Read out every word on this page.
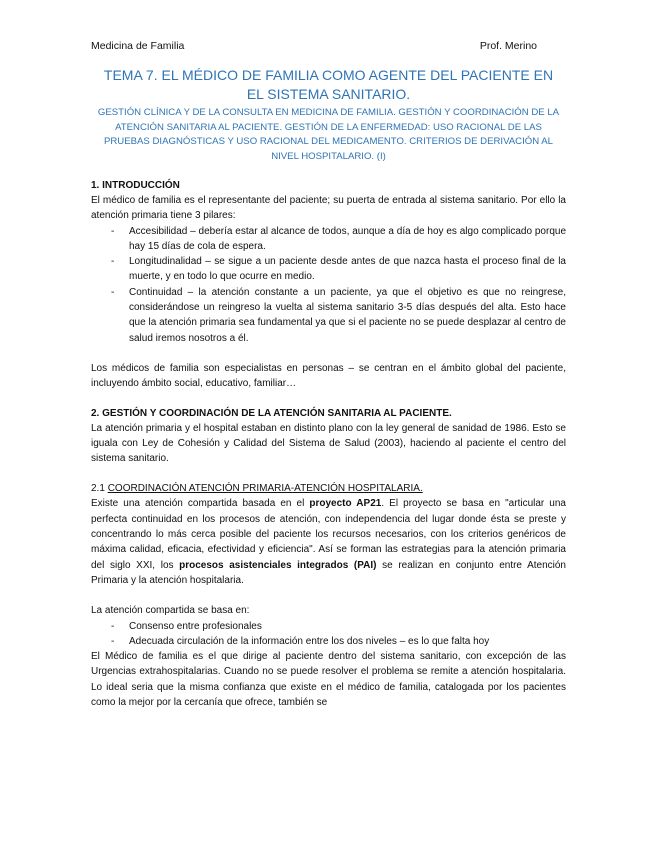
Medicina de Familia	Prof. Merino
TEMA 7. EL MÉDICO DE FAMILIA COMO AGENTE DEL PACIENTE EN
EL SISTEMA SANITARIO.

GESTIÓN CLÍNICA Y DE LA CONSULTA EN MEDICINA DE FAMILIA. GESTIÓN Y COORDINACIÓN DE LA ATENCIÓN SANITARIA AL PACIENTE. GESTIÓN DE LA ENFERMEDAD: USO RACIONAL DE LAS PRUEBAS DIAGNÓSTICAS Y USO RACIONAL DEL MEDICAMENTO. CRITERIOS DE DERIVACIÓN AL NIVEL HOSPITALARIO. (I)

1. INTRODUCCIÓN

El médico de familia es el representante del paciente; su puerta de entrada al sistema sanitario. Por ello la atención primaria tiene 3 pilares:

- Accesibilidad – debería estar al alcance de todos, aunque a día de hoy es algo complicado porque hay 15 días de cola de espera.
- Longitudinalidad – se sigue a un paciente desde antes de que nazca hasta el proceso final de la muerte, y en todo lo que ocurre en medio.
- Continuidad – la atención constante a un paciente, ya que el objetivo es que no reingrese, considerándose un reingreso la vuelta al sistema sanitario 3-5 días después del alta. Esto hace que la atención primaria sea fundamental ya que si el paciente no se puede desplazar al centro de salud iremos nosotros a él.

Los médicos de familia son especialistas en personas – se centran en el ámbito global del paciente, incluyendo ámbito social, educativo, familiar…

2. GESTIÓN Y COORDINACIÓN DE LA ATENCIÓN SANITARIA AL PACIENTE.

La atención primaria y el hospital estaban en distinto plano con la ley general de sanidad de 1986. Esto se iguala con Ley de Cohesión y Calidad del Sistema de Salud (2003), haciendo al paciente el centro del sistema sanitario.

2.1 COORDINACIÓN ATENCIÓN PRIMARIA-ATENCIÓN HOSPITALARIA.

Existe una atención compartida basada en el proyecto AP21. El proyecto se basa en "articular una perfecta continuidad en los procesos de atención, con independencia del lugar donde ésta se preste y concentrando lo más cerca posible del paciente los recursos necesarios, con los criterios genéricos de máxima calidad, eficacia, efectividad y eficiencia". Así se forman las estrategias para la atención primaria del siglo XXI, los procesos asistenciales integrados (PAI) se realizan en conjunto entre Atención Primaria y la atención hospitalaria.

La atención compartida se basa en:

- Consenso entre profesionales
- Adecuada circulación de la información entre los dos niveles – es lo que falta hoy

El Médico de familia es el que dirige al paciente dentro del sistema sanitario, con excepción de las Urgencias extrahospitalarias. Cuando no se puede resolver el problema se remite a atención hospitalaria. Lo ideal seria que la misma confianza que existe en el médico de familia, catalogada por los pacientes como la mejor por la cercanía que ofrece, también se
